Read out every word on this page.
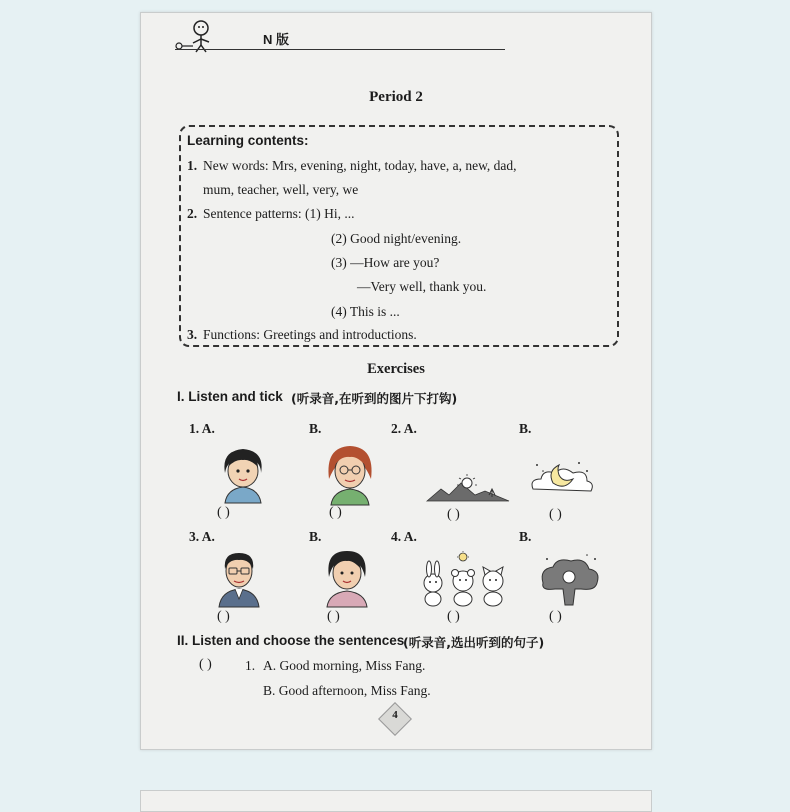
N 版
Period 2
Learning contents:
1. New words: Mrs, evening, night, today, have, a, new, dad,
mum, teacher, well, very, we
2. Sentence patterns: (1) Hi, ...
(2) Good night/evening.
(3) —How are you?
—Very well, thank you.
(4) This is ...
3. Functions: Greetings and introductions.
Exercises
I. Listen and tick (听录音,在听到的图片下打钩)
1. A.	B.	2. A.	B.
( )	( )	( )	( )
3. A.	B.	4. A.	B.
( )	( )	( )	( )
II. Listen and choose the sentences
(听录音,选出听到的句子)
( ) 1. A. Good morning, Miss Fang.
B. Good afternoon, Miss Fang.
4
